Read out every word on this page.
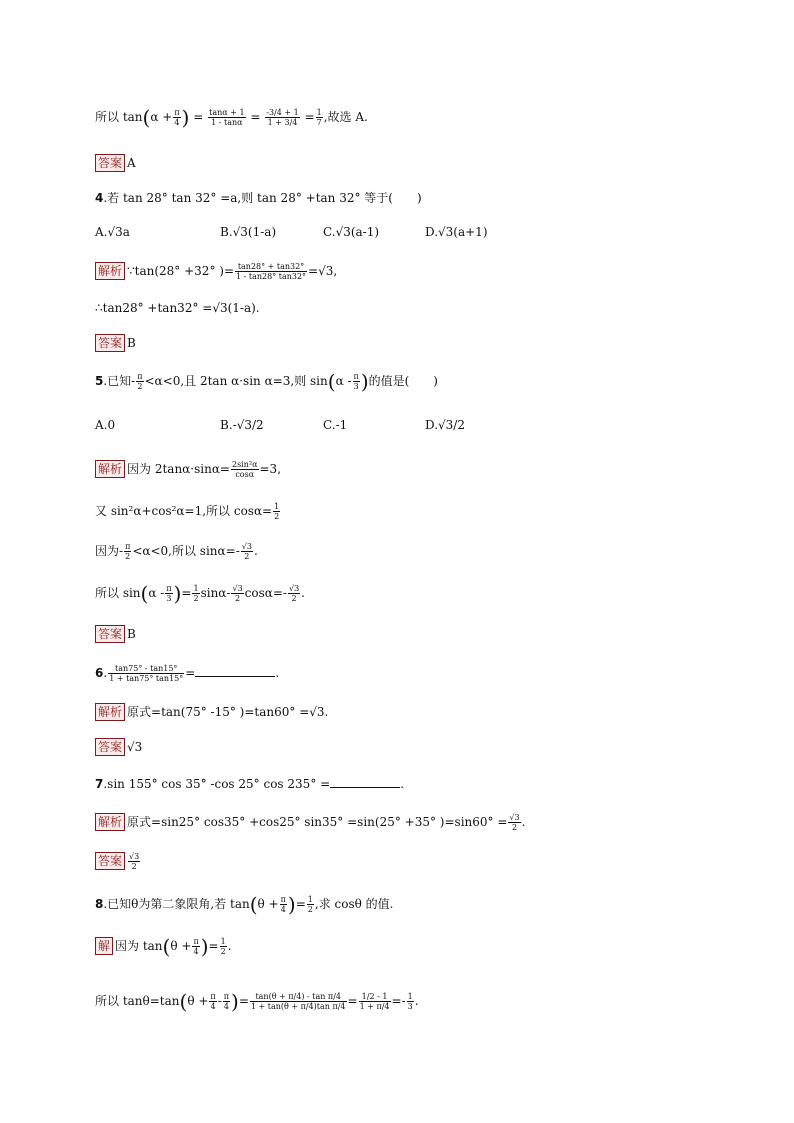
所以 $\tan(\alpha + \frac{\pi}{4}$ ) = $\frac{\tan\alpha + 1}{1 - \tan\alpha} = \frac{-3/4 + 1}{1 + 3/4} = \frac{1}{7}$ ,故选 A.
答案 A
4.若 tan 28° tan 32° =a,则 tan 28° +tan 32° 等于(　　)
A.√3a	B.√3(1-a)	C.√3(a-1)	D.√3(a+1)
解析 ∵tan(28° +32° )= $\frac{\tan 28^\circ + \tan 32^\circ}{1 - \tan 28^\circ \tan 32^\circ} =√3$,
∴tan28° +tan32° =√3(1-a).
答案 B
5.已知- $\frac{\pi}{2} <\alpha<0$,且 2tan α·sin α=3,则 $\sin(\alpha - \frac{\pi}{3}$ )的值是(　　)
A.0	B.-√3/2	C.-1	D.√3/2
解析 因为 $2\tan\alpha\cdot\sin\alpha= \frac{\text{2sin²α}}{\cos\alpha} =3$,
又 sin²α+cos²α=1,所以 $\cos\alpha= \frac{1}{2}$
因为- $\frac{\pi}{2} <\alpha<0$,所以 $\sin\alpha=- \frac{√3}{2}$ .
所以 $\sin(\alpha - \frac{\pi}{3}$ )= $\frac{1}{2} \sin\alpha- \frac{√3}{2} \cos\alpha=- \frac{√3}{2}$ .
答案 B
6. $\frac{\tan 75^\circ - \tan 15^\circ}{1 + \tan 75^\circ \tan 15^\circ}$ =	.
解析 原式=tan(75° -15° )=tan60° =√3.
答案 √3
7.sin 155° cos 35° -cos 25° cos 235° =	.
解析 原式=sin25° cos35° +cos25° sin35° =sin(25° +35° )$=\sin 60^\circ = \frac{√3}{2}$ .
答案 $\frac{√3}{2}$
8.已知θ为第二象限角,若 $\tan(\theta + \frac{\pi}{4}$ )= $\frac{1}{2}$ ,求 cosθ 的值.
解 因为 $\tan(\theta + \frac{\pi}{4}$ )= $\frac{1}{2}$ .
所以 $\tan\theta=\tan(\theta + \frac{\pi}{4} - \frac{\pi}{4}$ )= $\frac{\text{tan(θ + π/4) - tan π/4}}{\text{1 + tan(θ + π/4)tan π/4}} = \frac{1/2 - 1}{1 + \pi/4} =- \frac{1}{3}$ .
